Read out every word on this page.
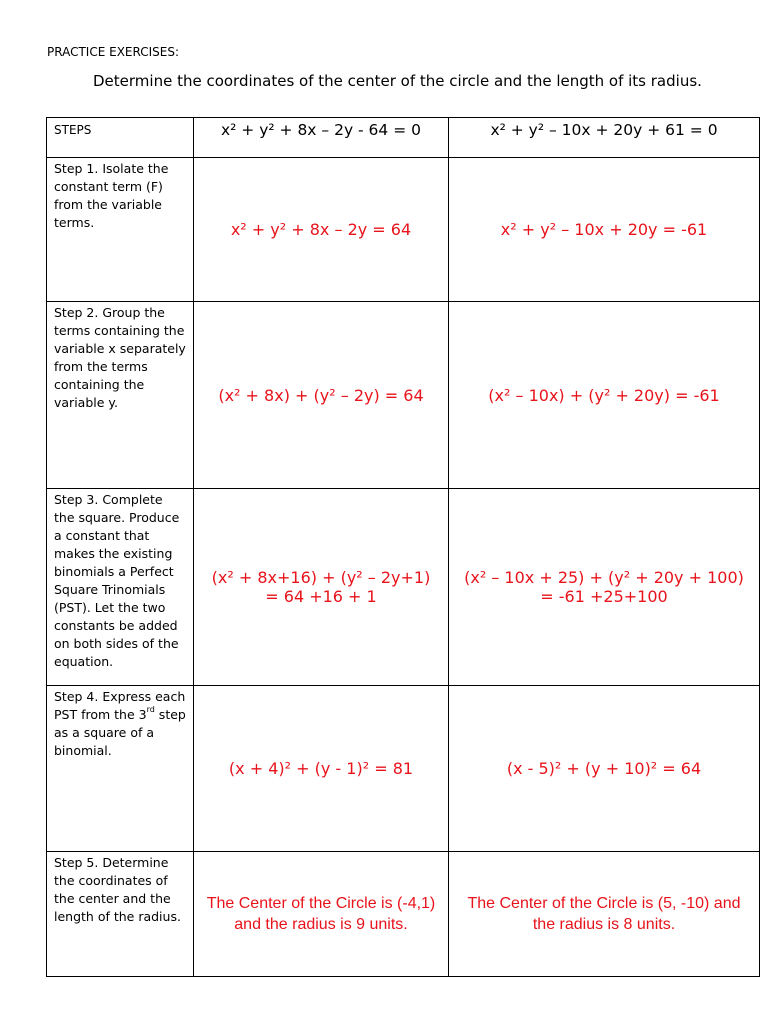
PRACTICE EXERCISES:
Determine the coordinates of the center of the circle and the length of its radius.
STEPS	x² + y² + 8x – 2y - 64 = 0	x² + y² – 10x + 20y + 61 = 0
Step 1. Isolate the constant term (F) from the variable terms.	x² + y² + 8x – 2y = 64	x² + y² – 10x + 20y = -61
Step 2. Group the terms containing the variable x separately from the terms containing the variable y.	(x² + 8x) + (y² – 2y) = 64	(x² – 10x) + (y² + 20y) = -61
Step 3. Complete the square. Produce a constant that makes the existing binomials a Perfect Square Trinomials (PST). Let the two constants be added on both sides of the equation.	(x² + 8x+16) + (y² – 2y+1) = 64 +16 + 1	(x² – 10x + 25) + (y² + 20y + 100) = -61 +25+100
Step 4. Express each PST from the 3rd step as a square of a binomial.	(x + 4)² + (y - 1)² = 81	(x - 5)² + (y + 10)² = 64
Step 5. Determine the coordinates of the center and the length of the radius.	The Center of the Circle is (-4,1) and the radius is 9 units.	The Center of the Circle is (5, -10) and the radius is 8 units.
